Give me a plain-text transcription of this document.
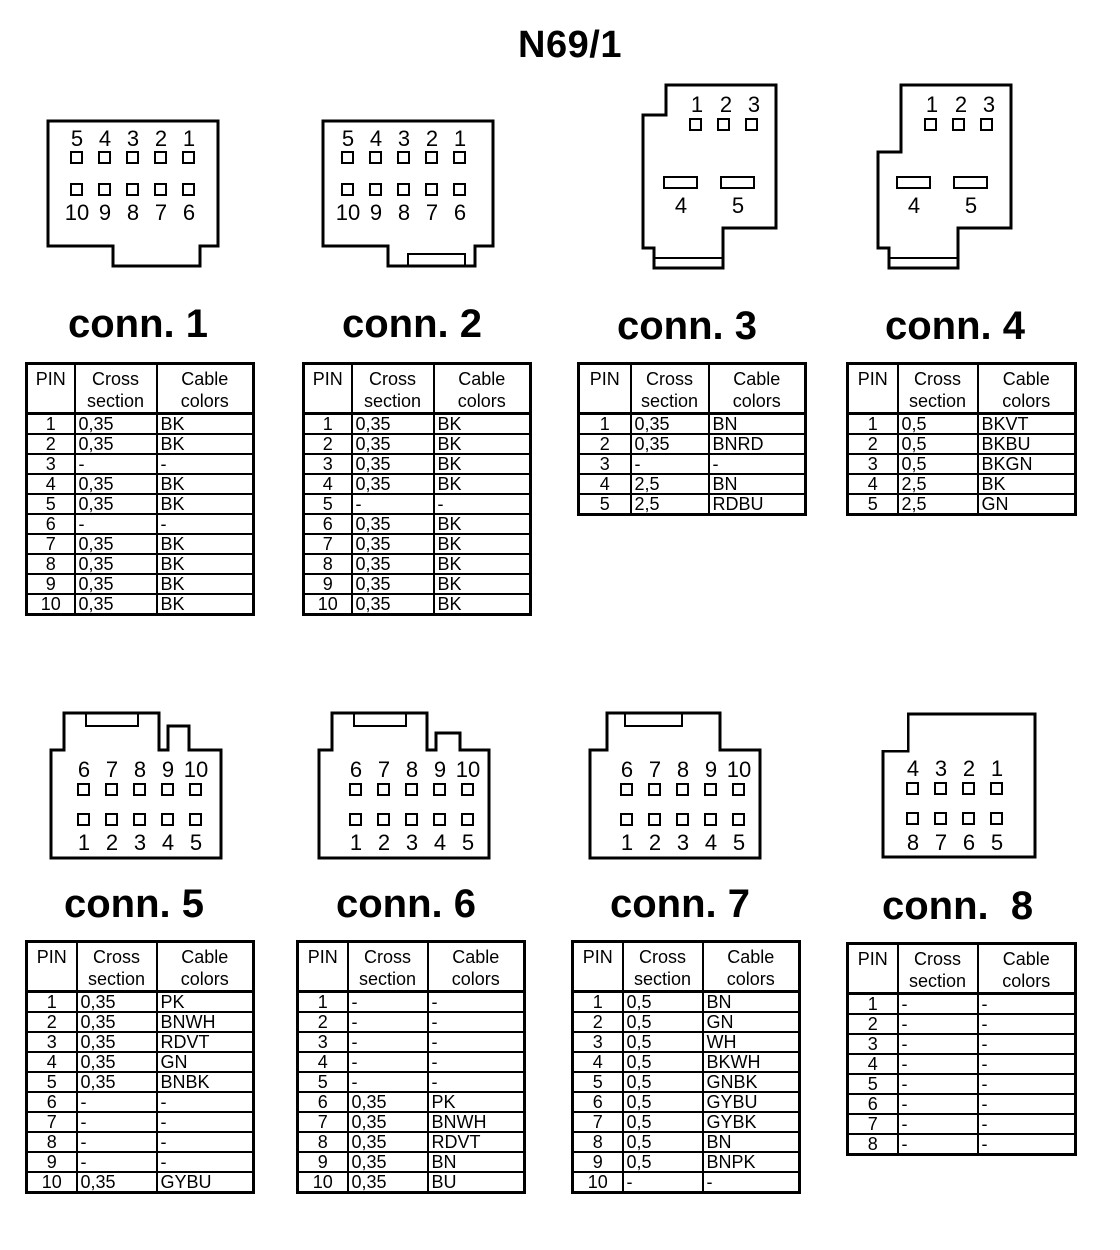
N69/1
5 4 3 2 1
10 9 8 7 6
5 4 3 2 1
10 9 8 7 6
1 2 3
4 5
1 2 3
4 5
6 7 8 9 10
1 2 3 4 5
6 7 8 9 10
1 2 3 4 5
6 7 8 9 10
1 2 3 4 5
4 3 2 1
8 7 6 5
conn. 1	conn. 2	conn. 3	conn. 4
conn. 5	conn. 6	conn. 7	conn.  8
PIN	Cross section	Cable colors
1	0,35	BK
2	0,35	BK
3	-	-
4	0,35	BK
5	0,35	BK
6	-	-
7	0,35	BK
8	0,35	BK
9	0,35	BK
10	0,35	BK
PIN	Cross section	Cable colors
1	0,35	BK
2	0,35	BK
3	0,35	BK
4	0,35	BK
5	-	-
6	0,35	BK
7	0,35	BK
8	0,35	BK
9	0,35	BK
10	0,35	BK
PIN	Cross section	Cable colors
1	0,35	BN
2	0,35	BNRD
3	-	-
4	2,5	BN
5	2,5	RDBU
PIN	Cross section	Cable colors
1	0,5	BKVT
2	0,5	BKBU
3	0,5	BKGN
4	2,5	BK
5	2,5	GN
PIN	Cross section	Cable colors
1	0,35	PK
2	0,35	BNWH
3	0,35	RDVT
4	0,35	GN
5	0,35	BNBK
6	-	-
7	-	-
8	-	-
9	-	-
10	0,35	GYBU
PIN	Cross section	Cable colors
1	-	-
2	-	-
3	-	-
4	-	-
5	-	-
6	0,35	PK
7	0,35	BNWH
8	0,35	RDVT
9	0,35	BN
10	0,35	BU
PIN	Cross section	Cable colors
1	0,5	BN
2	0,5	GN
3	0,5	WH
4	0,5	BKWH
5	0,5	GNBK
6	0,5	GYBU
7	0,5	GYBK
8	0,5	BN
9	0,5	BNPK
10	-	-
PIN	Cross section	Cable colors
1	-	-
2	-	-
3	-	-
4	-	-
5	-	-
6	-	-
7	-	-
8	-	-
